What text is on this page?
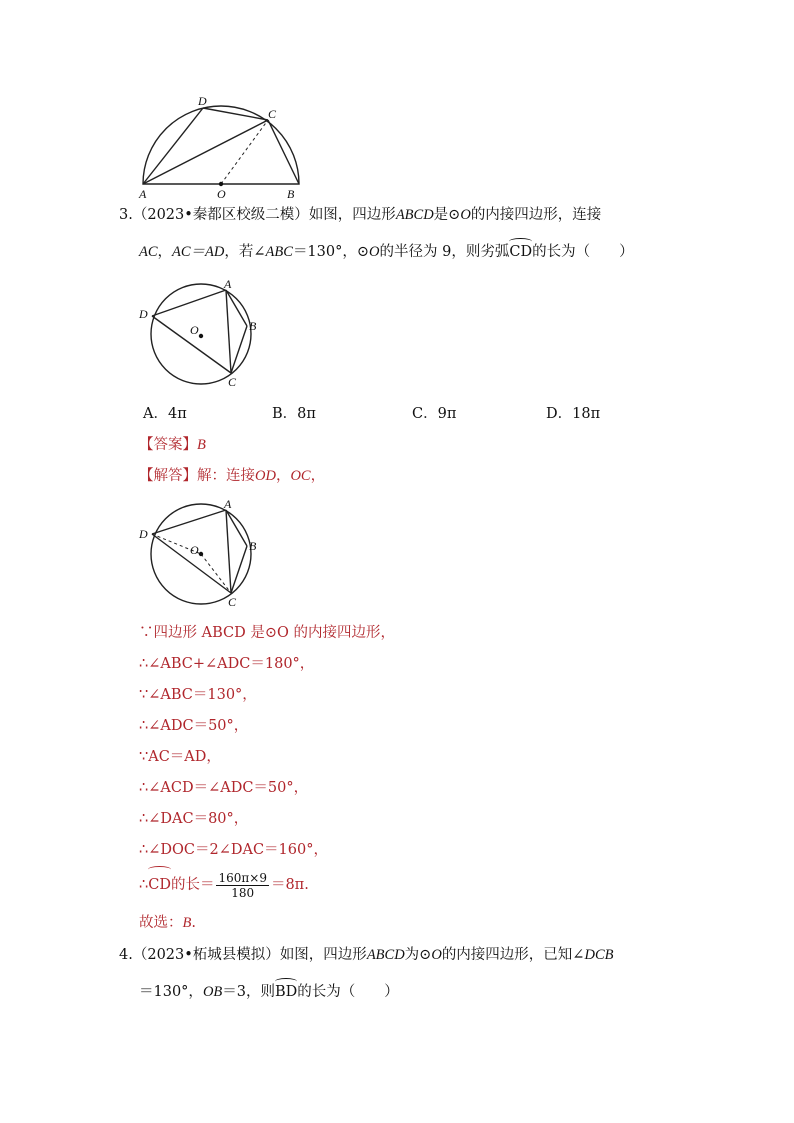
D
C
A	O	B
3.（2023•秦都区校级二模）如图，四边形ABCD是⊙O的内接四边形，连接
AC，AC＝AD，若∠ABC＝130°，⊙O的半径为 9，则劣弧CD的长为（　　）
A
D
O	B
C
A．4π	B．8π	C．9π	D．18π
【答案】B
【解答】解：连接OD，OC，
A
D
O	B
C
∵四边形 ABCD 是⊙O 的内接四边形，
∴∠ABC+∠ADC＝180°，
∵∠ABC＝130°，
∴∠ADC＝50°，
∵AC＝AD，
∴∠ACD＝∠ADC＝50°，
∴∠DAC＝80°，
∴∠DOC＝2∠DAC＝160°，
∴CD的长＝ $\frac{160\pi\times 9}{180} =8\pi$.
故选：B.
4.（2023•柘城县模拟）如图，四边形ABCD为⊙O的内接四边形，已知∠DCB
＝130°，OB＝3，则BD的长为（　　）
